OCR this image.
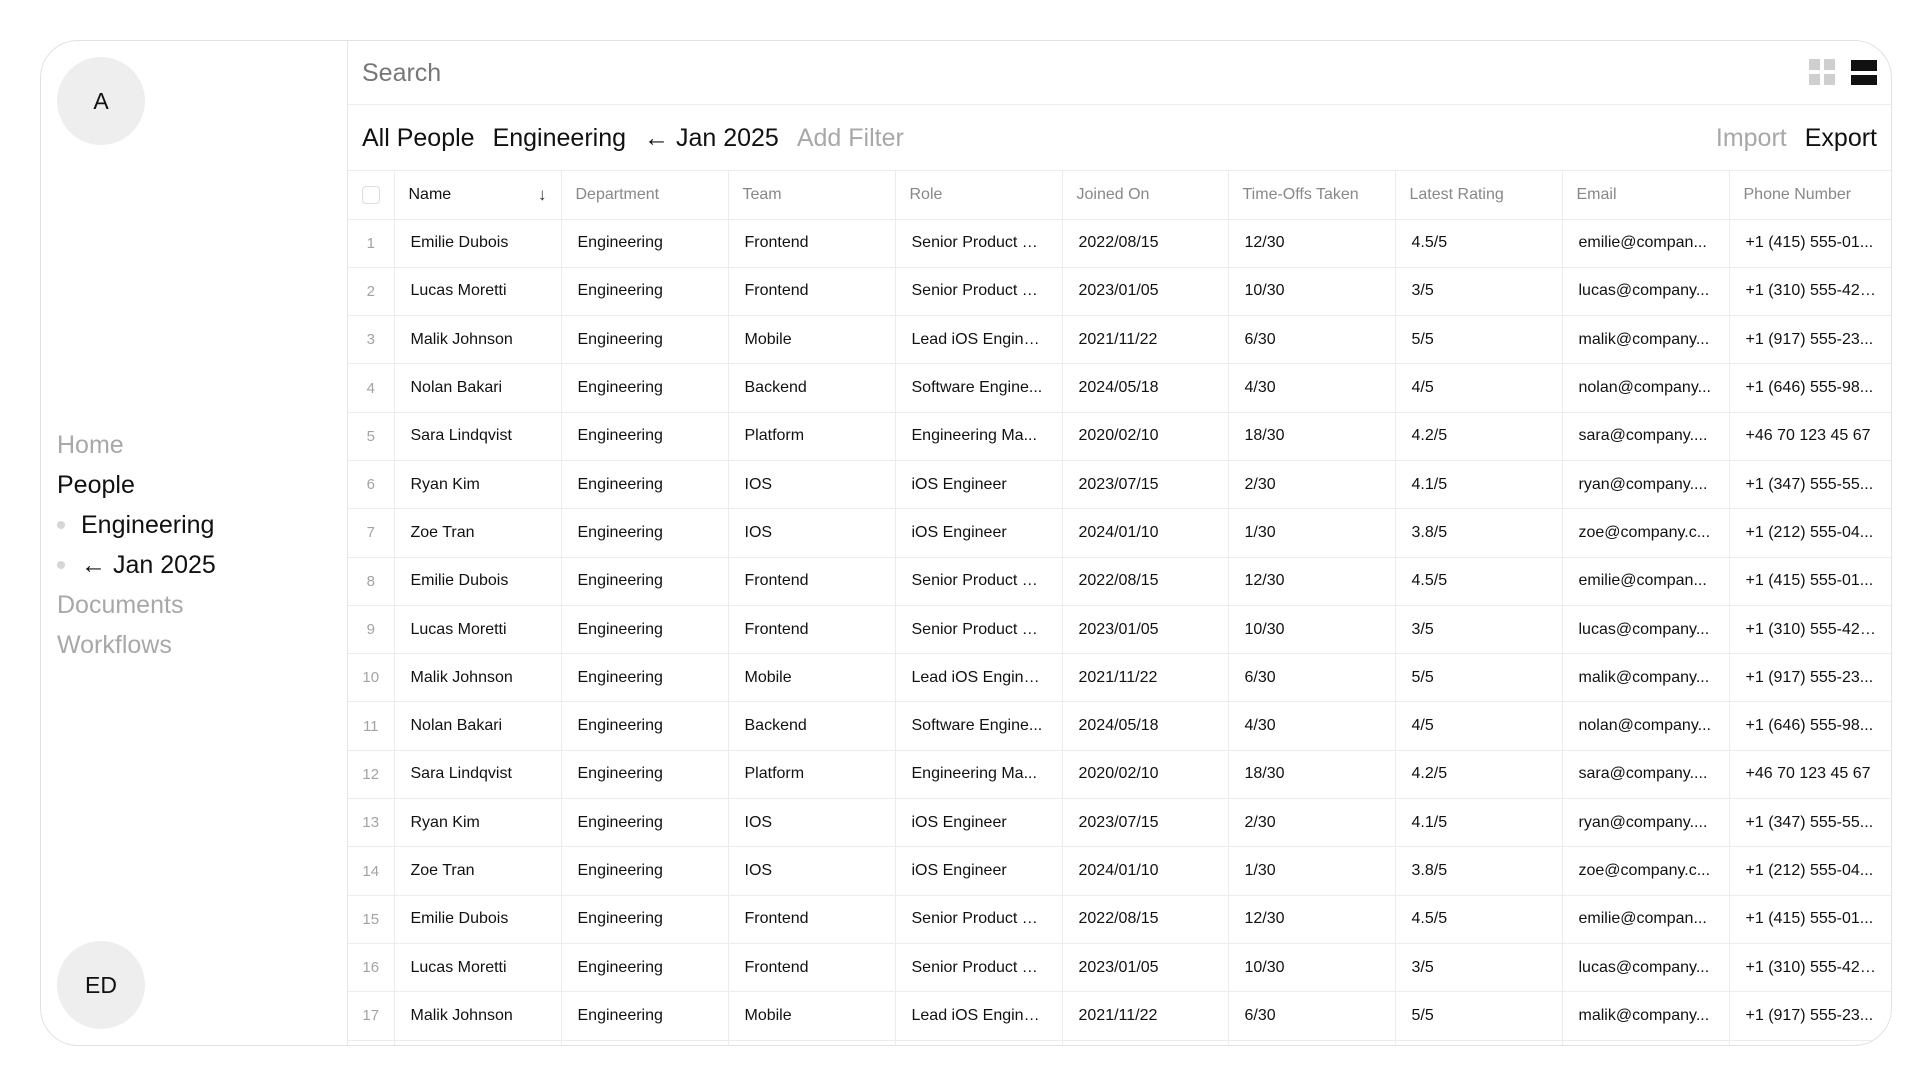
A
Home
People
Engineering
← Jan 2025
Documents
Workflows
ED
Search
All People Engineering ← Jan 2025 Add Filter	Import Export

	Name ↓	Department	Team	Role	Joined On	Time-Offs Taken	Latest Rating	Email	Phone Number
1	Emilie Dubois	Engineering	Frontend	Senior Product E...	2022/08/15	12/30	4.5/5	emilie@compan...	+1 (415) 555-01...
2	Lucas Moretti	Engineering	Frontend	Senior Product E...	2023/01/05	10/30	3/5	lucas@company...	+1 (310) 555-4211
3	Malik Johnson	Engineering	Mobile	Lead iOS Engine...	2021/11/22	6/30	5/5	malik@company...	+1 (917) 555-23...
4	Nolan Bakari	Engineering	Backend	Software Engine...	2024/05/18	4/30	4/5	nolan@company...	+1 (646) 555-98...
5	Sara Lindqvist	Engineering	Platform	Engineering Ma...	2020/02/10	18/30	4.2/5	sara@company....	+46 70 123 45 67
6	Ryan Kim	Engineering	IOS	iOS Engineer	2023/07/15	2/30	4.1/5	ryan@company....	+1 (347) 555-55...
7	Zoe Tran	Engineering	IOS	iOS Engineer	2024/01/10	1/30	3.8/5	zoe@company.c...	+1 (212) 555-04...
8	Emilie Dubois	Engineering	Frontend	Senior Product E...	2022/08/15	12/30	4.5/5	emilie@compan...	+1 (415) 555-01...
9	Lucas Moretti	Engineering	Frontend	Senior Product E...	2023/01/05	10/30	3/5	lucas@company...	+1 (310) 555-4211
10	Malik Johnson	Engineering	Mobile	Lead iOS Engine...	2021/11/22	6/30	5/5	malik@company...	+1 (917) 555-23...
11	Nolan Bakari	Engineering	Backend	Software Engine...	2024/05/18	4/30	4/5	nolan@company...	+1 (646) 555-98...
12	Sara Lindqvist	Engineering	Platform	Engineering Ma...	2020/02/10	18/30	4.2/5	sara@company....	+46 70 123 45 67
13	Ryan Kim	Engineering	IOS	iOS Engineer	2023/07/15	2/30	4.1/5	ryan@company....	+1 (347) 555-55...
14	Zoe Tran	Engineering	IOS	iOS Engineer	2024/01/10	1/30	3.8/5	zoe@company.c...	+1 (212) 555-04...
15	Emilie Dubois	Engineering	Frontend	Senior Product E...	2022/08/15	12/30	4.5/5	emilie@compan...	+1 (415) 555-01...
16	Lucas Moretti	Engineering	Frontend	Senior Product E...	2023/01/05	10/30	3/5	lucas@company...	+1 (310) 555-4211
17	Malik Johnson	Engineering	Mobile	Lead iOS Engine...	2021/11/22	6/30	5/5	malik@company...	+1 (917) 555-23...
